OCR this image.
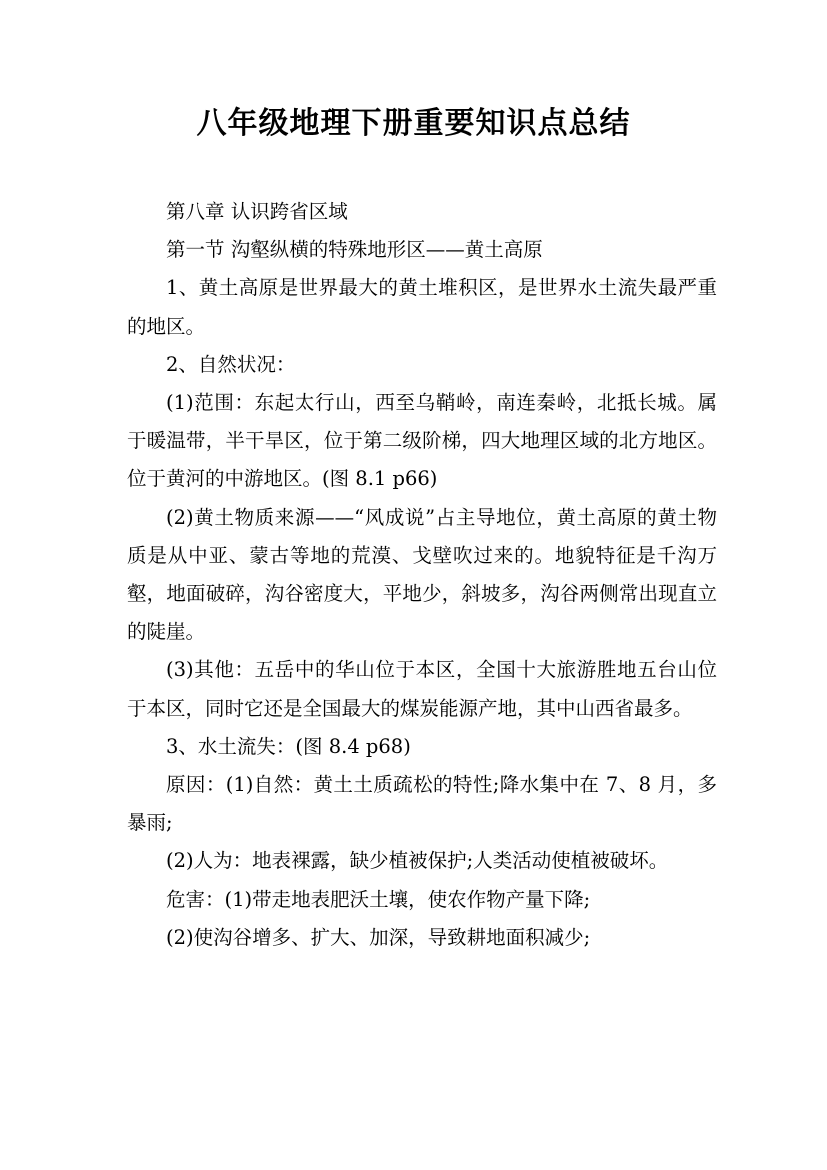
八年级地理下册重要知识点总结

第八章 认识跨省区域

第一节 沟壑纵横的特殊地形区——黄土高原

1、黄土高原是世界最大的黄土堆积区，是世界水土流失最严重的地区。

2、自然状况：

(1)范围：东起太行山，西至乌鞘岭，南连秦岭，北抵长城。属于暖温带，半干旱区，位于第二级阶梯，四大地理区域的北方地区。位于黄河的中游地区。(图 8.1 p66)

(2)黄土物质来源——“风成说”占主导地位，黄土高原的黄土物质是从中亚、蒙古等地的荒漠、戈壁吹过来的。地貌特征是千沟万壑，地面破碎，沟谷密度大，平地少，斜坡多，沟谷两侧常出现直立的陡崖。

(3)其他：五岳中的华山位于本区，全国十大旅游胜地五台山位于本区，同时它还是全国最大的煤炭能源产地，其中山西省最多。

3、水土流失：(图 8.4 p68)

原因：(1)自然：黄土土质疏松的特性;降水集中在 7、8 月，多暴雨;

(2)人为：地表裸露，缺少植被保护;人类活动使植被破坏。

危害：(1)带走地表肥沃土壤，使农作物产量下降;

(2)使沟谷增多、扩大、加深，导致耕地面积减少;
